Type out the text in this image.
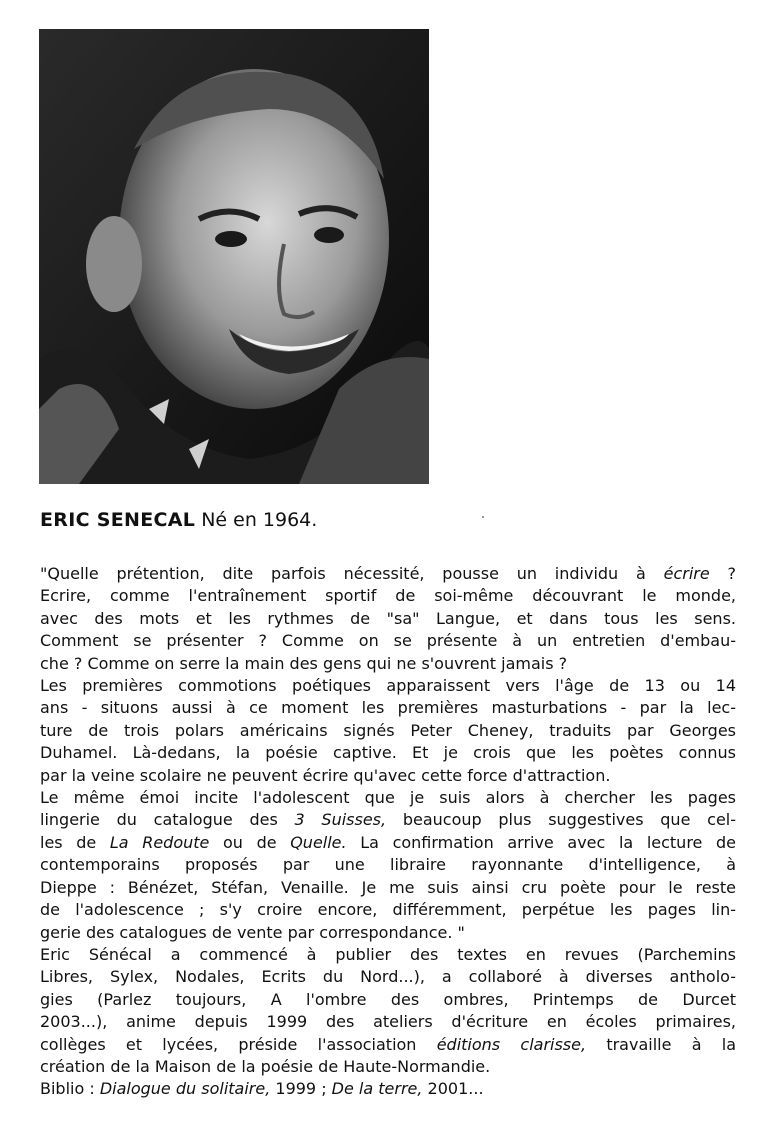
ERIC SENECAL Né en 1964.

"Quelle prétention, dite parfois nécessité, pousse un individu à écrire ?

Ecrire, comme l'entraînement sportif de soi-même découvrant le monde,

avec des mots et les rythmes de "sa" Langue, et dans tous les sens.

Comment se présenter ? Comme on se présente à un entretien d'embau-

che ? Comme on serre la main des gens qui ne s'ouvrent jamais ?

Les premières commotions poétiques apparaissent vers l'âge de 13 ou 14

ans - situons aussi à ce moment les premières masturbations - par la lec-

ture de trois polars américains signés Peter Cheney, traduits par Georges

Duhamel. Là-dedans, la poésie captive. Et je crois que les poètes connus

par la veine scolaire ne peuvent écrire qu'avec cette force d'attraction.

Le même émoi incite l'adolescent que je suis alors à chercher les pages

lingerie du catalogue des 3 Suisses, beaucoup plus suggestives que cel-

les de La Redoute ou de Quelle. La confirmation arrive avec la lecture de

contemporains proposés par une libraire rayonnante d'intelligence, à

Dieppe : Bénézet, Stéfan, Venaille. Je me suis ainsi cru poète pour le reste

de l'adolescence ; s'y croire encore, différemment, perpétue les pages lin-

gerie des catalogues de vente par correspondance. "

Eric Sénécal a commencé à publier des textes en revues (Parchemins

Libres, Sylex, Nodales, Ecrits du Nord...), a collaboré à diverses antholo-

gies (Parlez toujours, A l'ombre des ombres, Printemps de Durcet

2003...), anime depuis 1999 des ateliers d'écriture en écoles primaires,

collèges et lycées, préside l'association éditions clarisse, travaille à la

création de la Maison de la poésie de Haute-Normandie.

Biblio : Dialogue du solitaire, 1999 ; De la terre, 2001...
